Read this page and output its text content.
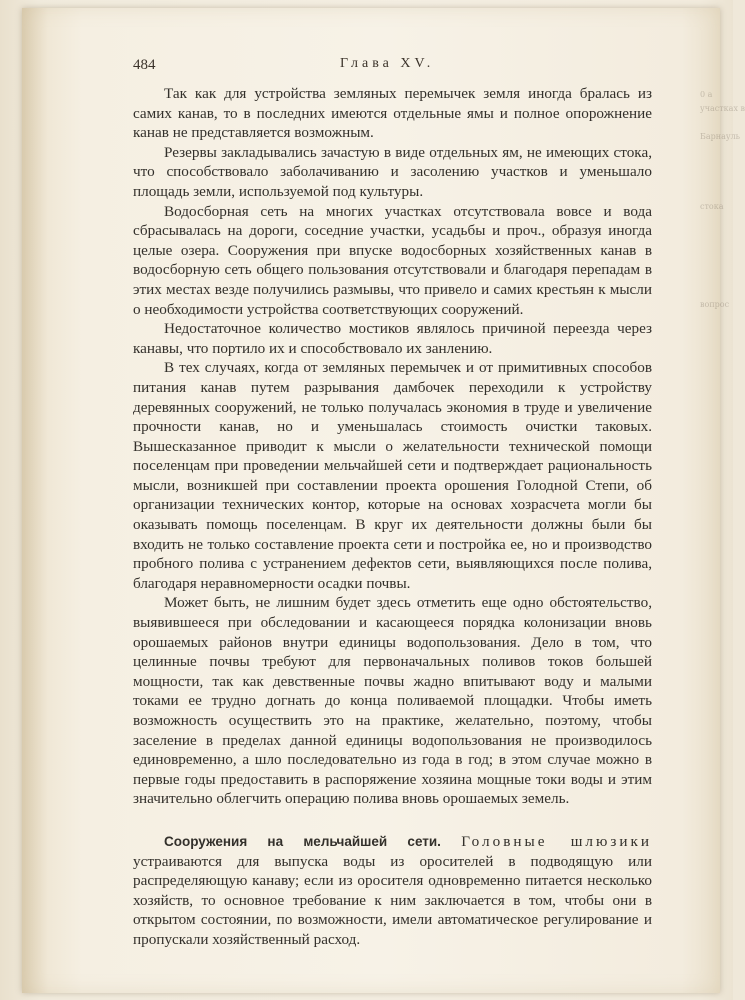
0 а
участках в
Барнауль
стока
вопрос
484	Глава XV.

Так как для устройства земляных перемычек земля иногда бралась из самих канав, то в последних имеются отдельные ямы и полное опорожнение канав не представляется возможным.

Резервы закладывались зачастую в виде отдельных ям, не имеющих стока, что способствовало заболачиванию и засолению участков и уменьшало площадь земли, используемой под культуры.

Водосборная сеть на многих участках отсутствовала вовсе и вода сбрасывалась на дороги, соседние участки, усадьбы и проч., образуя иногда целые озера. Сооружения при впуске водосборных хозяйственных канав в водосборную сеть общего пользования отсутствовали и благодаря перепадам в этих местах везде получились размывы, что привело и самих крестьян к мысли о необходимости устройства соответствующих сооружений.

Недостаточное количество мостиков являлось причиной переезда через канавы, что портило их и способствовало их занлению.

В тех случаях, когда от земляных перемычек и от примитивных способов питания канав путем разрывания дамбочек переходили к устройству деревянных сооружений, не только получалась экономия в труде и увеличение прочности канав, но и уменьшалась стоимость очистки таковых. Вышесказанное приводит к мысли о желательности технической помощи поселенцам при проведении мельчайшей сети и подтверждает рациональность мысли, возникшей при составлении проекта орошения Голодной Степи, об организации технических контор, которые на основах хозрасчета могли бы оказывать помощь поселенцам. В круг их деятельности должны были бы входить не только составление проекта сети и постройка ее, но и производство пробного полива с устранением дефектов сети, выявляющихся после полива, благодаря неравномерности осадки почвы.

Может быть, не лишним будет здесь отметить еще одно обстоятельство, выявившееся при обследовании и касающееся порядка колонизации вновь орошаемых районов внутри единицы водопользования. Дело в том, что целинные почвы требуют для первоначальных поливов токов большей мощности, так как девственные почвы жадно впитывают воду и малыми токами ее трудно догнать до конца поливаемой площадки. Чтобы иметь возможность осуществить это на практике, желательно, поэтому, чтобы заселение в пределах данной единицы водопользования не производилось единовременно, а шло последовательно из года в год; в этом случае можно в первые годы предоставить в распоряжение хозяина мощные токи воды и этим значительно облегчить операцию полива вновь орошаемых земель.

Сооружения на мельчайшей сети. Головные шлюзики устраиваются для выпуска воды из оросителей в подводящую или распределяющую канаву; если из оросителя одновременно питается несколько хозяйств, то основное требование к ним заключается в том, чтобы они в открытом состоянии, по возможности, имели автоматическое регулирование и пропускали хозяйственный расход.
